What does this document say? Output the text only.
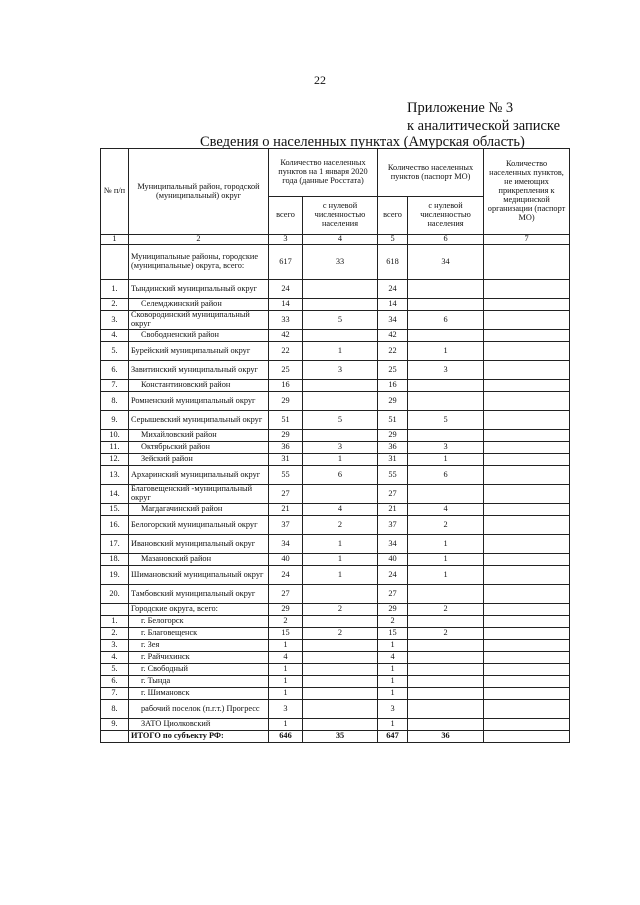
22
Приложение № 3
к аналитической записке
Сведения о населенных пунктах (Амурская область)
№ п/п	Муниципальный район, городской (муниципальный) округ	Количество населенных пунктов на 1 января 2020 года (данные Росстата)		Количество населенных пунктов (паспорт МО)		Количество населенных пунктов, не имеющих прикрепления к медицинской организации (паспорт МО)
		всего	с нулевой численностью населения	всего	с нулевой численностью населения	
1	2	3	4	5	6	7
	Муниципальные районы, городские (муниципальные) округа, всего:	617	33	618	34	
1.	Тындинский муниципальный округ	24		24		
2.	Селемджинский район	14		14		
3.	Сковородинский муниципальный округ	33	5	34	6	
4.	Свободненский район	42		42		
5.	Бурейский муниципальный округ	22	1	22	1	
6.	Завитинский муниципальный округ	25	3	25	3	
7.	Константиновский район	16		16		
8.	Ромненский муниципальный округ	29		29		
9.	Серышевский муниципальный округ	51	5	51	5	
10.	Михайловский район	29		29		
11.	Октябрьский район	36	3	36	3	
12.	Зейский район	31	1	31	1	
13.	Архаринский муниципальный округ	55	6	55	6	
14.	Благовещенский -муниципальный округ	27		27		
15.	Магдагачинский район	21	4	21	4	
16.	Белогорский муниципальный округ	37	2	37	2	
17.	Ивановский муниципальный округ	34	1	34	1	
18.	Мазановский район	40	1	40	1	
19.	Шимановский муниципальный округ	24	1	24	1	
20.	Тамбовский муниципальный округ	27		27		
	Городские округа, всего:	29	2	29	2	
1.	г. Белогорск	2		2		
2.	г. Благовещенск	15	2	15	2	
3.	г. Зея	1		1		
4.	г. Райчихинск	4		4		
5.	г. Свободный	1		1		
6.	г. Тында	1		1		
7.	г. Шимановск	1		1		
8.	рабочий поселок (п.г.т.) Прогресс	3		3		
9.	ЗАТО Циолковский	1		1		
	ИТОГО по субъекту РФ:	646	35	647	36	
